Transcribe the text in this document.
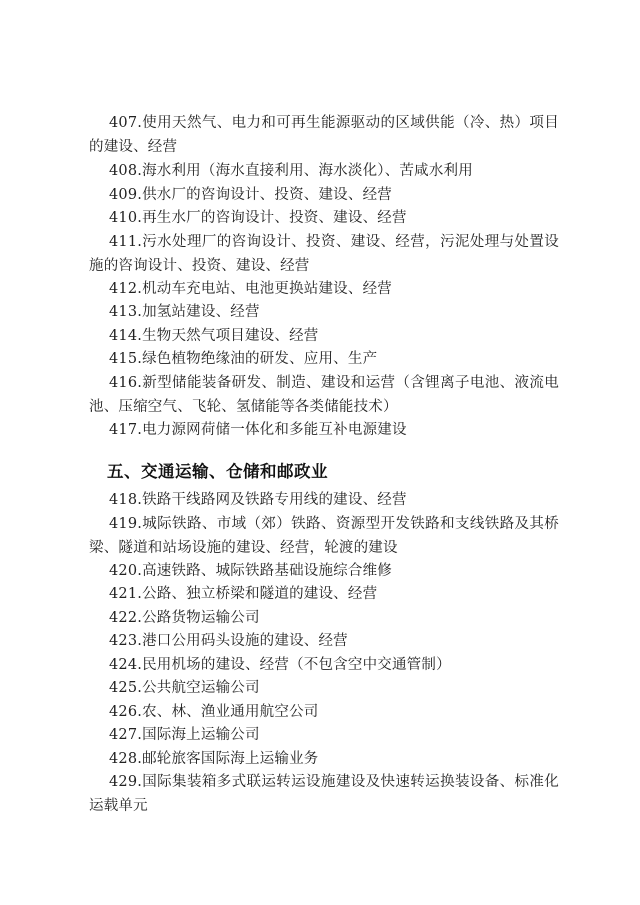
407.使用天然气、电力和可再生能源驱动的区域供能（冷、热）项目的建设、经营

408.海水利用（海水直接利用、海水淡化）、苦咸水利用

409.供水厂的咨询设计、投资、建设、经营

410.再生水厂的咨询设计、投资、建设、经营

411.污水处理厂的咨询设计、投资、建设、经营，污泥处理与处置设施的咨询设计、投资、建设、经营

412.机动车充电站、电池更换站建设、经营

413.加氢站建设、经营

414.生物天然气项目建设、经营

415.绿色植物绝缘油的研发、应用、生产

416.新型储能装备研发、制造、建设和运营（含锂离子电池、液流电池、压缩空气、飞轮、氢储能等各类储能技术）

417.电力源网荷储一体化和多能互补电源建设

五、交通运输、仓储和邮政业

418.铁路干线路网及铁路专用线的建设、经营

419.城际铁路、市域（郊）铁路、资源型开发铁路和支线铁路及其桥梁、隧道和站场设施的建设、经营，轮渡的建设

420.高速铁路、城际铁路基础设施综合维修

421.公路、独立桥梁和隧道的建设、经营

422.公路货物运输公司

423.港口公用码头设施的建设、经营

424.民用机场的建设、经营（不包含空中交通管制）

425.公共航空运输公司

426.农、林、渔业通用航空公司

427.国际海上运输公司

428.邮轮旅客国际海上运输业务

429.国际集装箱多式联运转运设施建设及快速转运换装设备、标准化运载单元
